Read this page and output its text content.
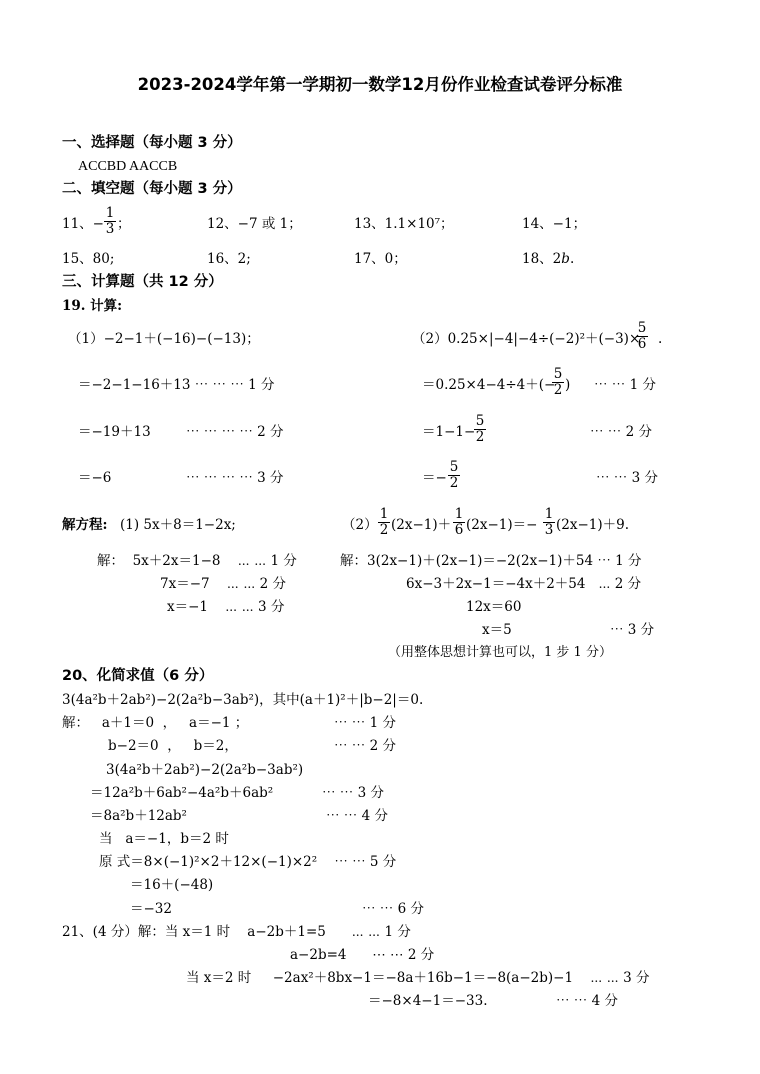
2023-2024学年第一学期初一数学12月份作业检查试卷评分标准
一、选择题（每小题 3 分）
ACCBD AACCB
二、填空题（每小题 3 分）
11、− $\frac{1}{3}$ ；	12、−7 或 1；	13、1.1×10⁷；	14、−1；
15、80;	16、2;	17、0；	18、2b.
三、计算题（共 12 分）
19. 计算:
（1）−2−1＋(−16)−(−13)；
＝−2−1−16＋13 ⋯ ⋯ ⋯ 1 分
＝−19＋13	⋯ ⋯ ⋯ ⋯ 2 分
＝−6	⋯ ⋯ ⋯ ⋯ 3 分
（2）0.25×|−4|−4÷(−2)²＋(−3)×
$\frac{5}{6}$ .
＝0.25×4−4÷4＋(−
$\frac{5}{2}$ ) ⋯ ⋯ 1 分
＝1−1−
$\frac{5}{2}$	⋯ ⋯ 2 分
＝− $\frac{5}{2}$	⋯ ⋯ 3 分
解方程: (1) 5x＋8＝1−2x;	$(2) \frac{1}{2} (2x-1)+ \frac{1}{6} (2x-1)=- \frac{1}{3} (2x-1)+9$.
解：  5x＋2x＝1−8    ⋯ ⋯ 1 分
7x＝−7    ⋯ ⋯ 2 分
x＝−1    ⋯ ⋯ 3 分
解：3(2x−1)＋(2x−1)＝−2(2x−1)＋54 ⋯ 1 分
6x−3＋2x−1＝−4x＋2＋54   ⋯ 2 分
12x＝60
x＝5	⋯ 3 分
（用整体思想计算也可以，1 步 1 分）
20、化简求值（6 分）
3(4a²b＋2ab²)−2(2a²b−3ab²)，其中(a＋1)²＋|b−2|＝0.
解：   a＋1＝0  ，   a＝−1 ；	⋯ ⋯ 1 分
b−2＝0  ，   b＝2，	⋯ ⋯ 2 分
3(4a²b＋2ab²)−2(2a²b−3ab²)
＝12a²b＋6ab²−4a²b＋6ab²	⋯ ⋯ 3 分
＝8a²b＋12ab²	⋯ ⋯ 4 分
当   a＝−1，b＝2 时
原 式＝8×(−1)²×2＋12×(−1)×2²    ⋯ ⋯ 5 分
＝16＋(−48)
＝−32	⋯ ⋯ 6 分
21、(4 分）解：当 x＝1 时    a−2b＋1=5      ⋯ ⋯ 1 分
a−2b=4      ⋯ ⋯ 2 分
当 x＝2 时     −2ax²＋8bx−1＝−8a＋16b−1＝−8(a−2b)−1    ⋯ ⋯ 3 分
＝−8×4−1＝−33.	⋯ ⋯ 4 分
